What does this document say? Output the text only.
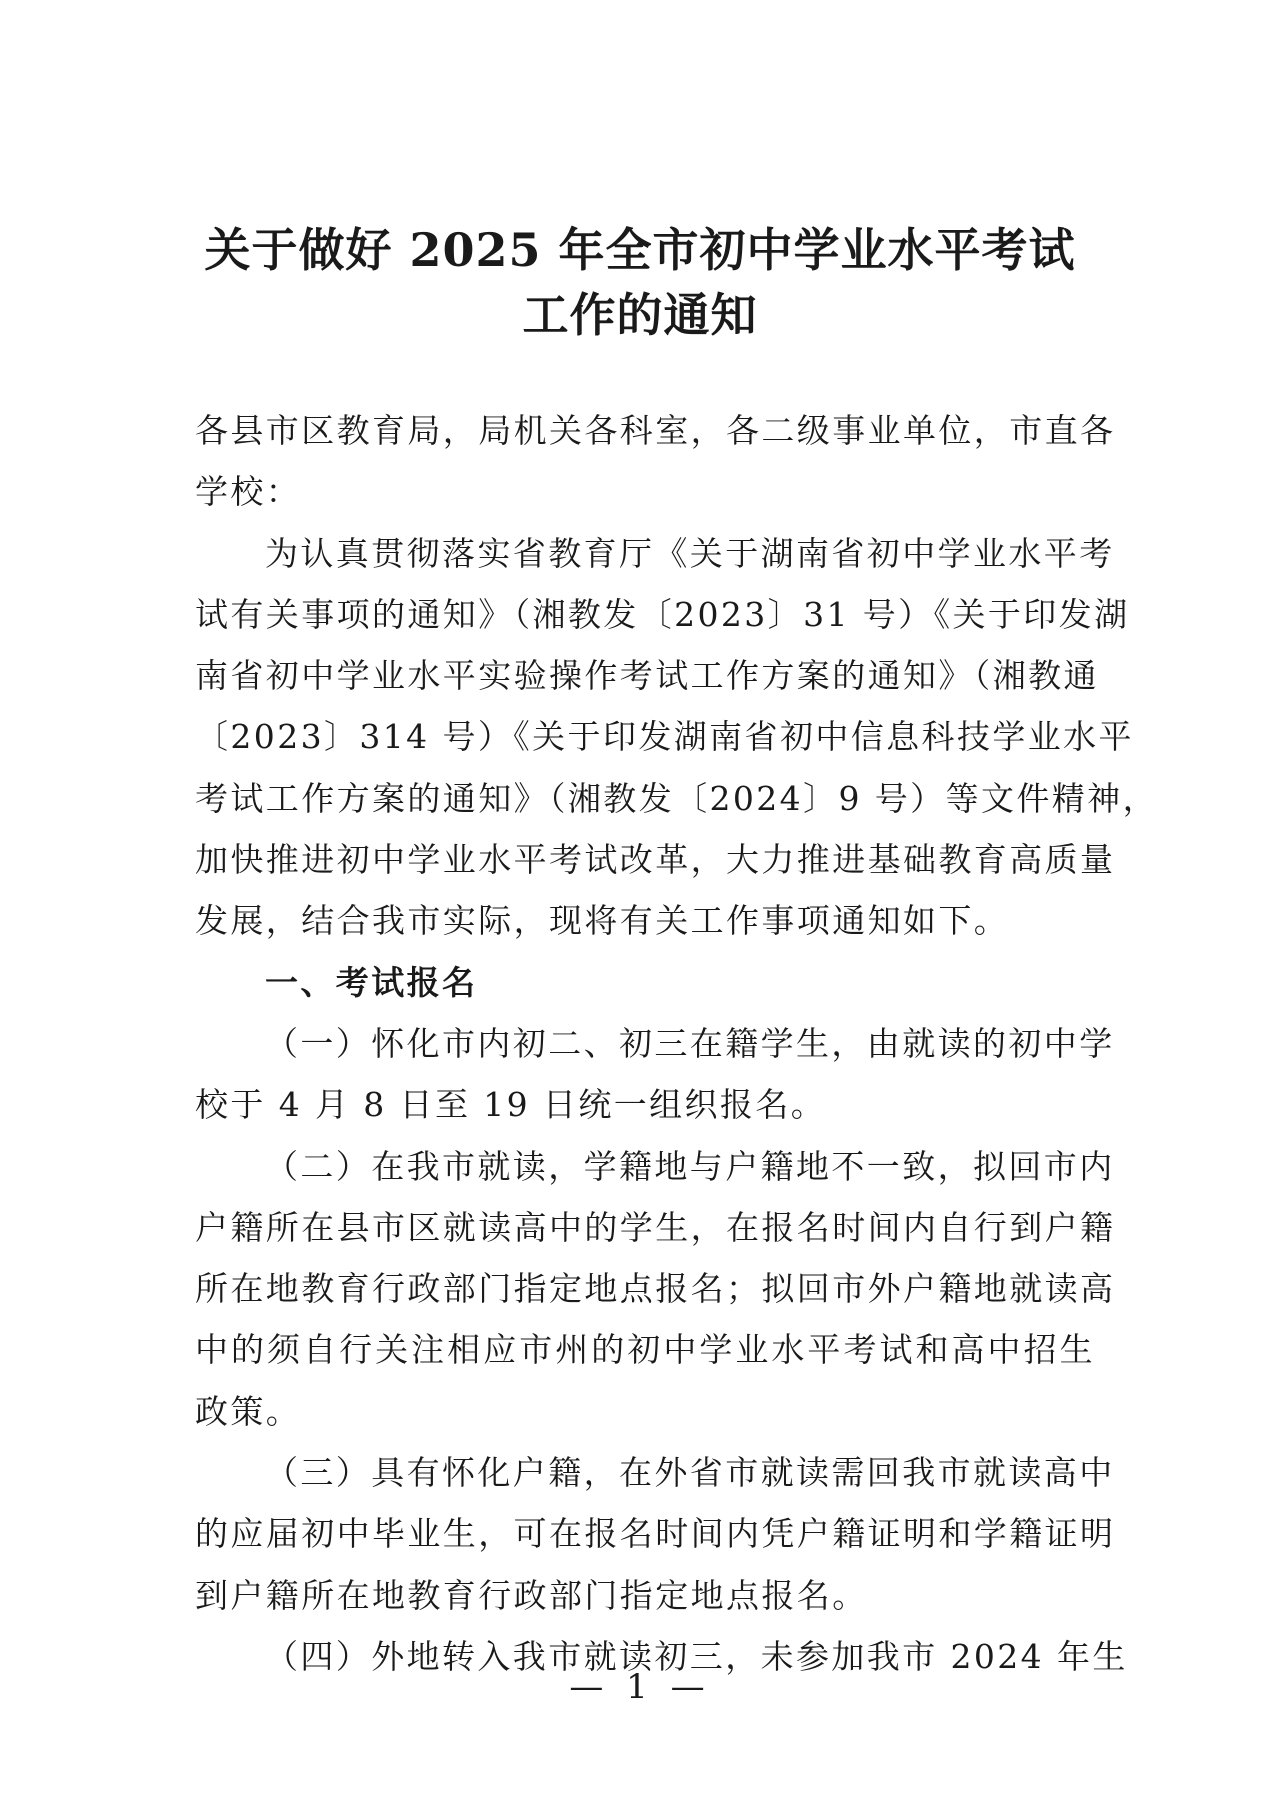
关于做好 2025 年全市初中学业水平考试
工作的通知
各县市区教育局，局机关各科室，各二级事业单位，市直各
学校：
为认真贯彻落实省教育厅《关于湖南省初中学业水平考
试有关事项的通知》（湘教发〔2023〕31 号）《关于印发湖
南省初中学业水平实验操作考试工作方案的通知》（湘教通
〔2023〕314 号）《关于印发湖南省初中信息科技学业水平
考试工作方案的通知》（湘教发〔2024〕9 号）等文件精神，
加快推进初中学业水平考试改革，大力推进基础教育高质量
发展，结合我市实际，现将有关工作事项通知如下。
一、考试报名
（一）怀化市内初二、初三在籍学生，由就读的初中学
校于 4 月 8 日至 19 日统一组织报名。
（二）在我市就读，学籍地与户籍地不一致，拟回市内
户籍所在县市区就读高中的学生，在报名时间内自行到户籍
所在地教育行政部门指定地点报名；拟回市外户籍地就读高
中的须自行关注相应市州的初中学业水平考试和高中招生
政策。
（三）具有怀化户籍，在外省市就读需回我市就读高中
的应届初中毕业生，可在报名时间内凭户籍证明和学籍证明
到户籍所在地教育行政部门指定地点报名。
（四）外地转入我市就读初三，未参加我市 2024 年生
— 1 —
